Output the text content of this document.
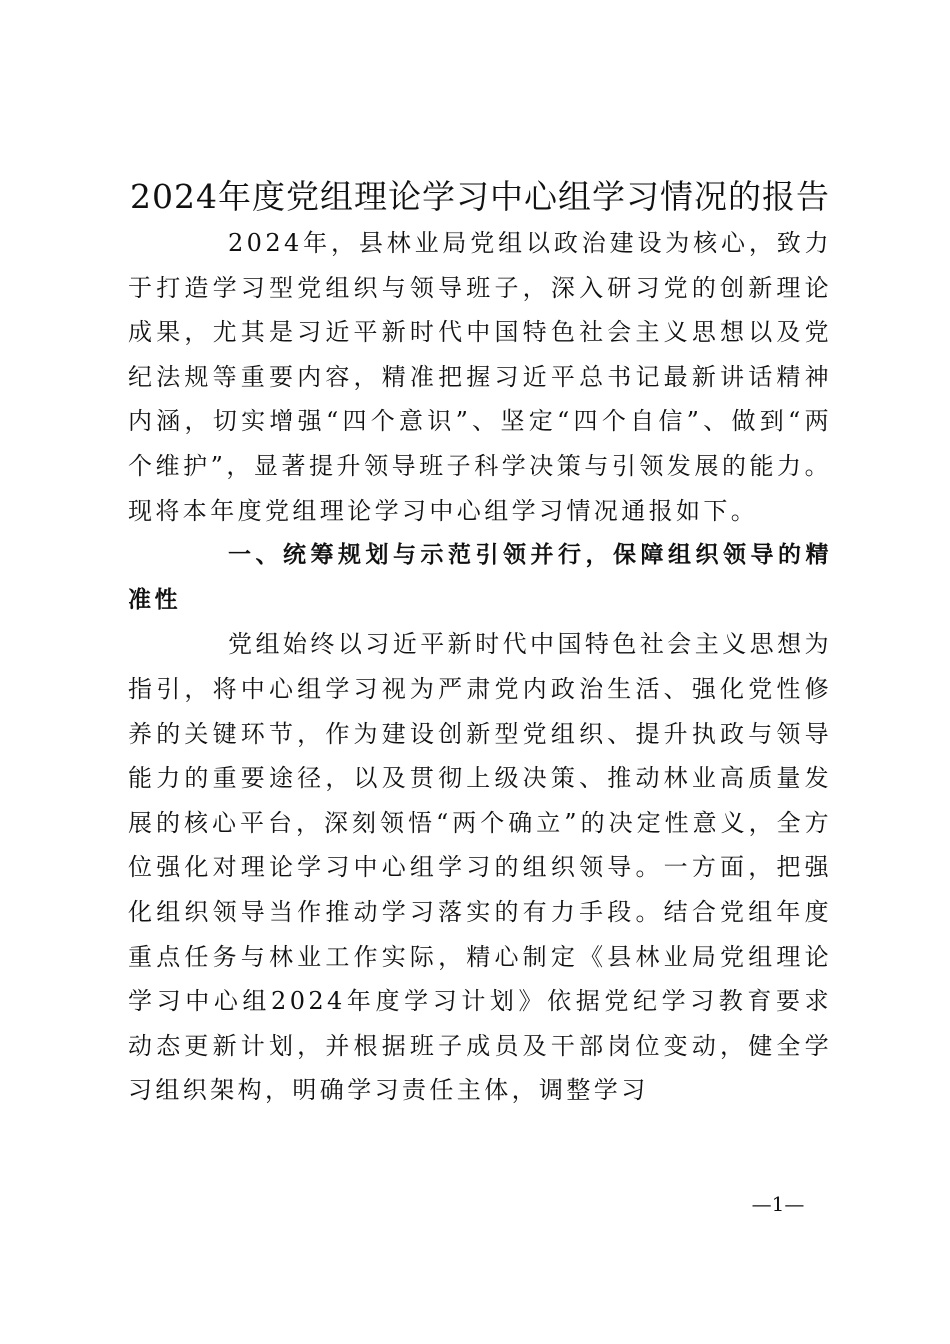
2024年度党组理论学习中心组学习情况的报告

2024年，县林业局党组以政治建设为核心，致力于打造学习型党组织与领导班子，深入研习党的创新理论成果，尤其是习近平新时代中国特色社会主义思想以及党纪法规等重要内容，精准把握习近平总书记最新讲话精神内涵，切实增强“四个意识”、坚定“四个自信”、做到“两个维护”，显著提升领导班子科学决策与引领发展的能力。现将本年度党组理论学习中心组学习情况通报如下。

一、统筹规划与示范引领并行，保障组织领导的精准性

党组始终以习近平新时代中国特色社会主义思想为指引，将中心组学习视为严肃党内政治生活、强化党性修养的关键环节，作为建设创新型党组织、提升执政与领导能力的重要途径，以及贯彻上级决策、推动林业高质量发展的核心平台，深刻领悟“两个确立”的决定性意义，全方位强化对理论学习中心组学习的组织领导。一方面，把强化组织领导当作推动学习落实的有力手段。结合党组年度重点任务与林业工作实际，精心制定《县林业局党组理论学习中心组2024年度学习计划》依据党纪学习教育要求动态更新计划，并根据班子成员及干部岗位变动，健全学习组织架构，明确学习责任主体，调整学习

—1—
